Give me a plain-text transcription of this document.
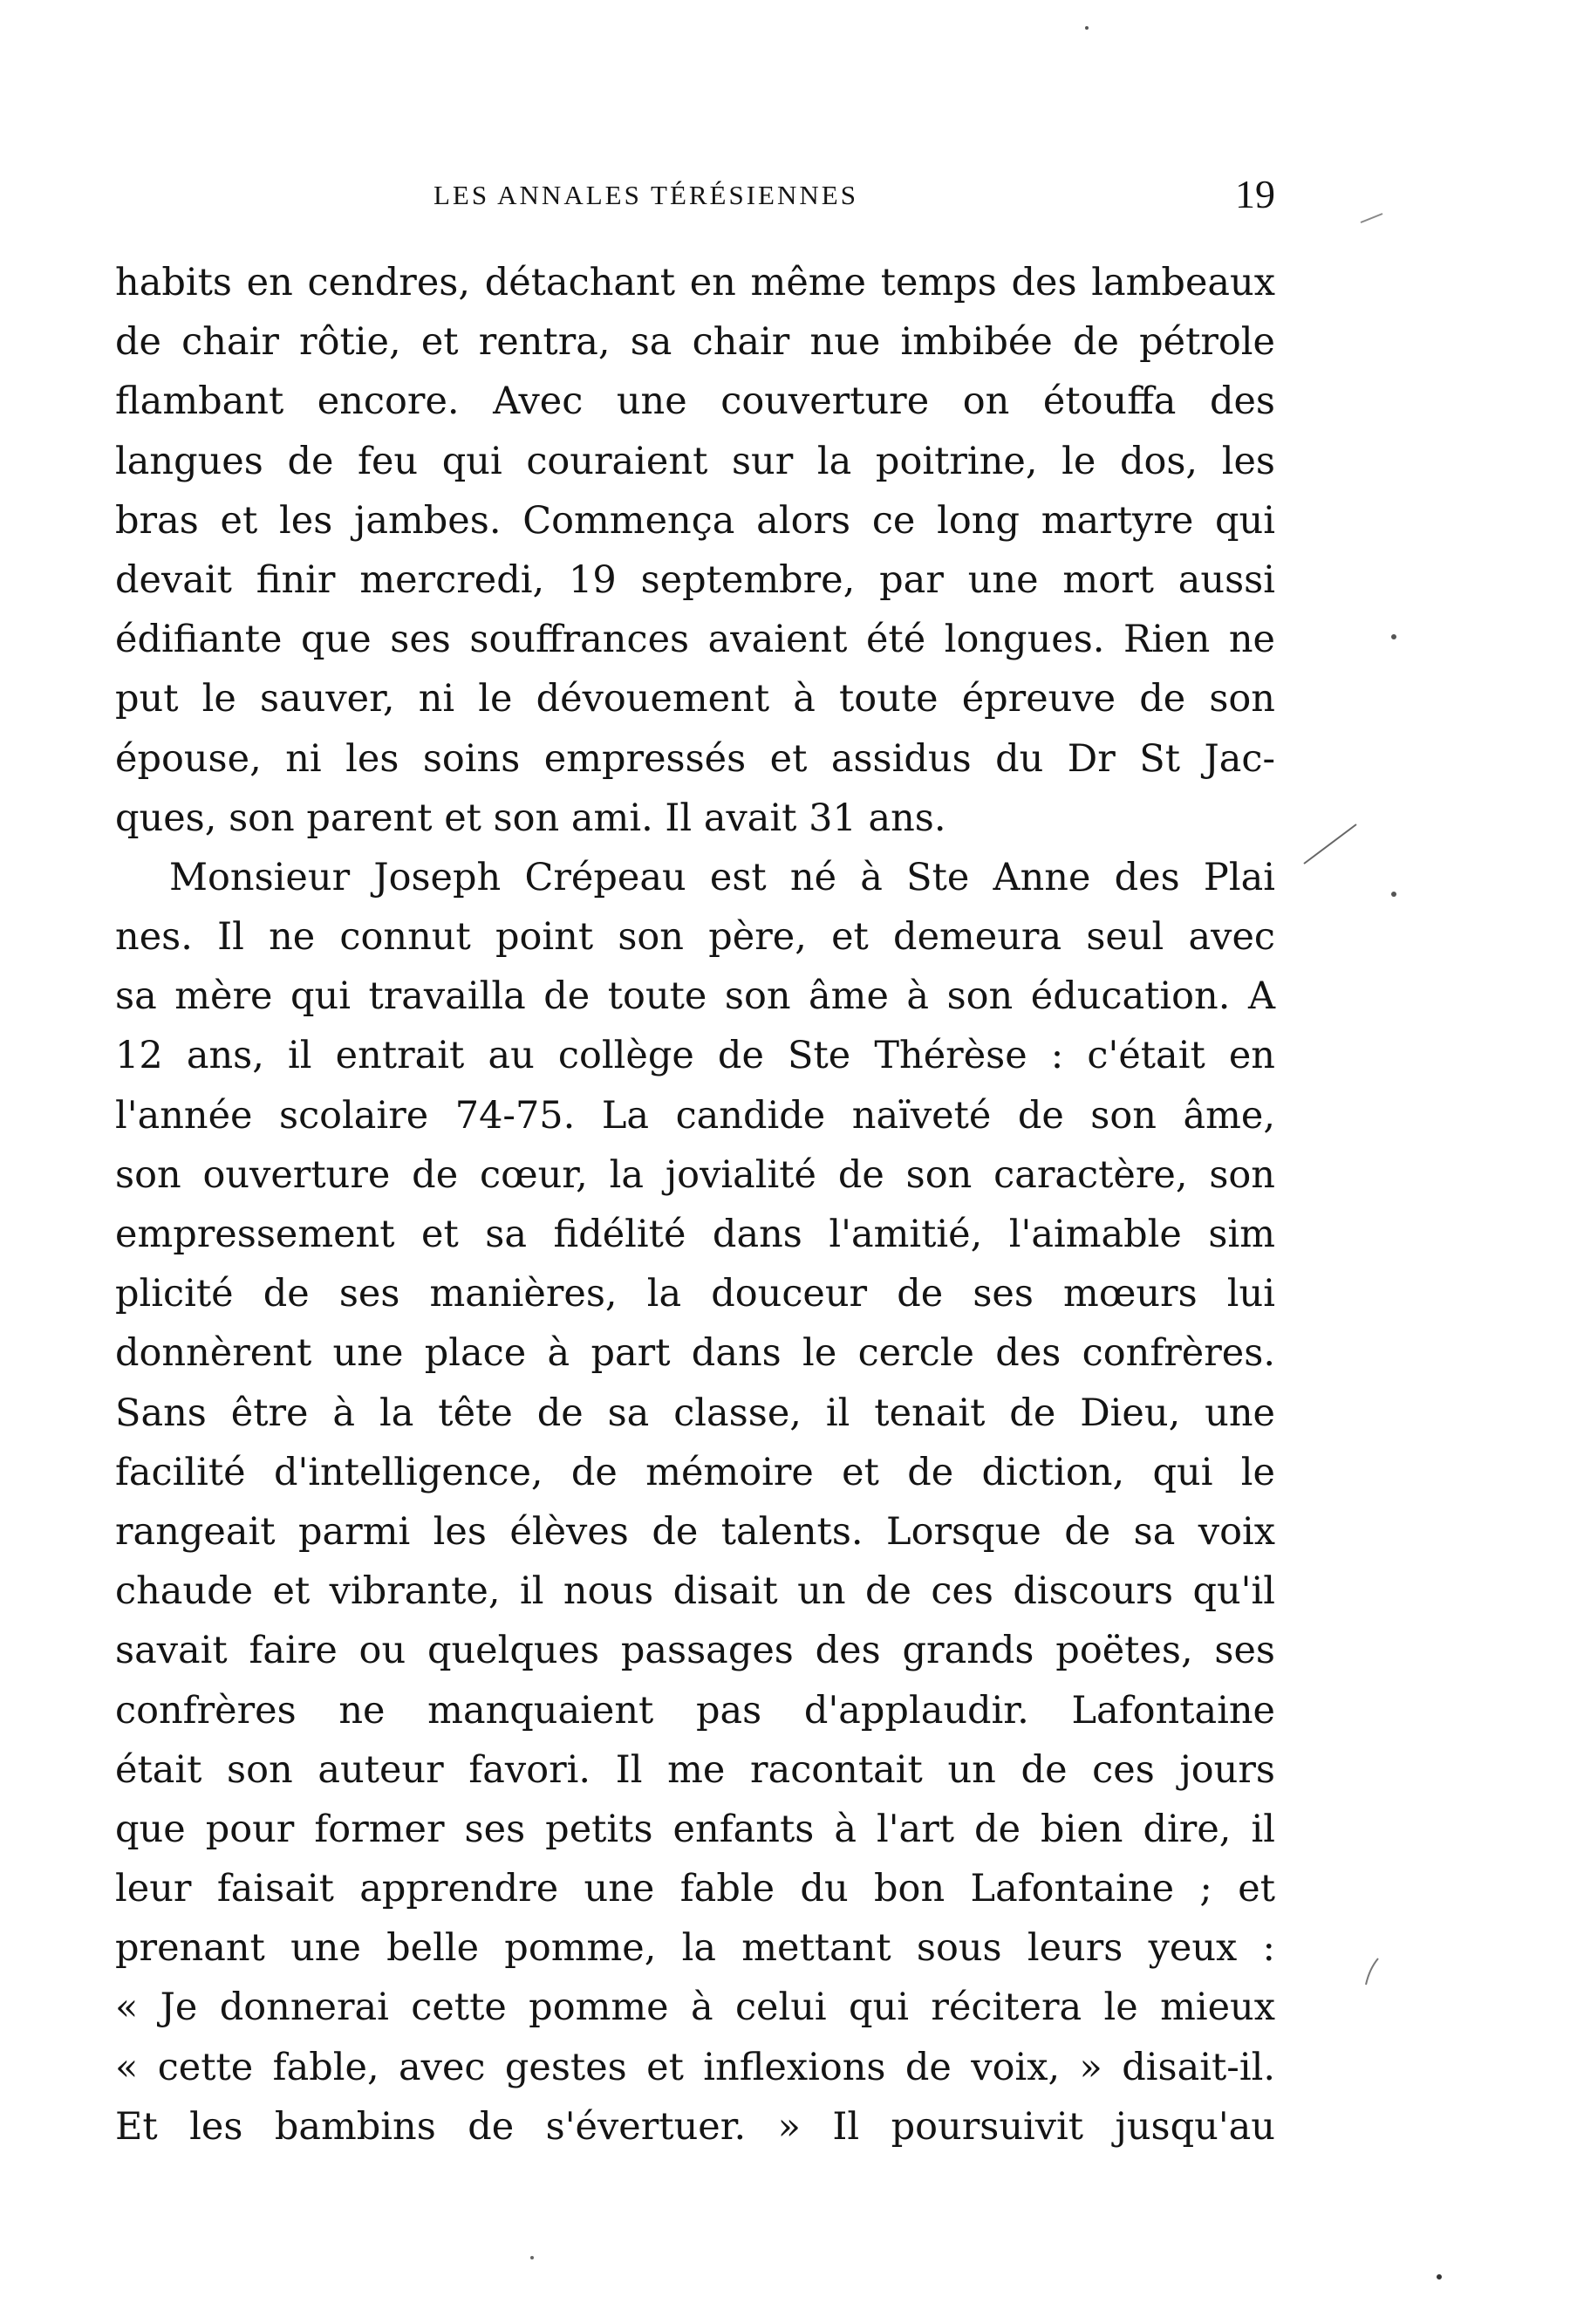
LES ANNALES TÉRÉSIENNES	19
habits en cendres, détachant en même temps des lambeaux
de chair rôtie, et rentra, sa chair nue imbibée de pétrole
flambant encore. Avec une couverture on étouffa des
langues de feu qui couraient sur la poitrine, le dos, les
bras et les jambes. Commença alors ce long martyre qui
devait finir mercredi, 19 septembre, par une mort aussi
édifiante que ses souffrances avaient été longues. Rien ne
put le sauver, ni le dévouement à toute épreuve de son
épouse, ni les soins empressés et assidus du Dr St Jac-
ques, son parent et son ami. Il avait 31 ans.
Monsieur Joseph Crépeau est né à Ste Anne des Plai
nes. Il ne connut point son père, et demeura seul avec
sa mère qui travailla de toute son âme à son éducation. A
12 ans, il entrait au collège de Ste Thérèse : c'était en
l'année scolaire 74-75. La candide naïveté de son âme,
son ouverture de cœur, la jovialité de son caractère, son
empressement et sa fidélité dans l'amitié, l'aimable sim
plicité de ses manières, la douceur de ses mœurs lui
donnèrent une place à part dans le cercle des confrères.
Sans être à la tête de sa classe, il tenait de Dieu, une
facilité d'intelligence, de mémoire et de diction, qui le
rangeait parmi les élèves de talents. Lorsque de sa voix
chaude et vibrante, il nous disait un de ces discours qu'il
savait faire ou quelques passages des grands poëtes, ses
confrères ne manquaient pas d'applaudir. Lafontaine
était son auteur favori. Il me racontait un de ces jours
que pour former ses petits enfants à l'art de bien dire, il
leur faisait apprendre une fable du bon Lafontaine ; et
prenant une belle pomme, la mettant sous leurs yeux :
« Je donnerai cette pomme à celui qui récitera le mieux
« cette fable, avec gestes et inflexions de voix, » disait-il.
Et les bambins de s'évertuer. » Il poursuivit jusqu'au
